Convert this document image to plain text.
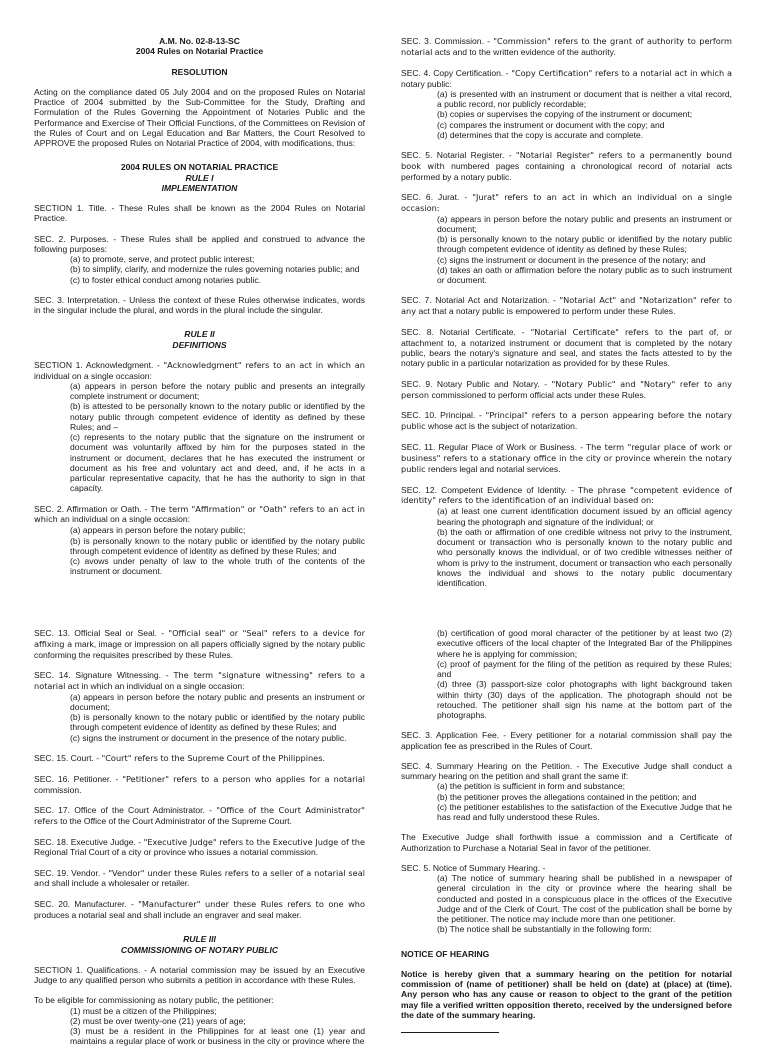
A.M. No. 02-8-13-SC

2004 Rules on Notarial Practice

RESOLUTION

Acting on the compliance dated 05 July 2004 and on the proposed Rules on Notarial Practice of 2004 submitted by the Sub-Committee for the Study, Drafting and Formulation of the Rules Governing the Appointment of Notaries Public and the Performance and Exercise of Their Official Functions, of the Committees on Revision of the Rules of Court and on Legal Education and Bar Matters, the Court Resolved to APPROVE the proposed Rules on Notarial Practice of 2004, with modifications, thus:

2004 RULES ON NOTARIAL PRACTICE

RULE I

IMPLEMENTATION

SECTION 1. Title. - These Rules shall be known as the 2004 Rules on Notarial Practice.

SEC. 2. Purposes. - These Rules shall be applied and construed to advance the following purposes:

(a) to promote, serve, and protect public interest;
(b) to simplify, clarify, and modernize the rules governing notaries public; and
(c) to foster ethical conduct among notaries public.

SEC. 3. Interpretation. - Unless the context of these Rules otherwise indicates, words in the singular include the plural, and words in the plural include the singular.

RULE II

DEFINITIONS

SECTION 1. Acknowledgment. - "Acknowledgment" refers to an act in which an individual on a single occasion:

(a) appears in person before the notary public and presents an integrally complete instrument or document;
(b) is attested to be personally known to the notary public or identified by the notary public through competent evidence of identity as defined by these Rules; and –
(c) represents to the notary public that the signature on the instrument or document was voluntarily affixed by him for the purposes stated in the instrument or document, declares that he has executed the instrument or document as his free and voluntary act and deed, and, if he acts in a particular representative capacity, that he has the authority to sign in that capacity.

SEC. 2. Affirmation or Oath. - The term "Affirmation" or "Oath" refers to an act in which an individual on a single occasion:

(a) appears in person before the notary public;
(b) is personally known to the notary public or identified by the notary public through competent evidence of identity as defined by these Rules; and
(c) avows under penalty of law to the whole truth of the contents of the instrument or document.

SEC. 3. Commission. - "Commission" refers to the grant of authority to perform notarial acts and to the written evidence of the authority.

SEC. 4. Copy Certification. - "Copy Certification" refers to a notarial act in which a notary public:

(a) is presented with an instrument or document that is neither a vital record, a public record, nor publicly recordable;
(b) copies or supervises the copying of the instrument or document;
(c) compares the instrument or document with the copy; and
(d) determines that the copy is accurate and complete.

SEC. 5. Notarial Register. - "Notarial Register" refers to a permanently bound book with numbered pages containing a chronological record of notarial acts performed by a notary public.

SEC. 6. Jurat. - "Jurat" refers to an act in which an individual on a single occasion:

(a) appears in person before the notary public and presents an instrument or document;
(b) is personally known to the notary public or identified by the notary public through competent evidence of identity as defined by these Rules;
(c) signs the instrument or document in the presence of the notary; and
(d) takes an oath or affirmation before the notary public as to such instrument or document.

SEC. 7. Notarial Act and Notarization. - "Notarial Act" and "Notarization" refer to any act that a notary public is empowered to perform under these Rules.

SEC. 8. Notarial Certificate. - "Notarial Certificate" refers to the part of, or attachment to, a notarized instrument or document that is completed by the notary public, bears the notary's signature and seal, and states the facts attested to by the notary public in a particular notarization as provided for by these Rules.

SEC. 9. Notary Public and Notary. - "Notary Public" and "Notary" refer to any person commissioned to perform official acts under these Rules.

SEC. 10. Principal. - "Principal" refers to a person appearing before the notary public whose act is the subject of notarization.

SEC. 11. Regular Place of Work or Business. - The term "regular place of work or business" refers to a stationary office in the city or province wherein the notary public renders legal and notarial services.

SEC. 12. Competent Evidence of Identity. - The phrase "competent evidence of identity" refers to the identification of an individual based on:

(a) at least one current identification document issued by an official agency bearing the photograph and signature of the individual; or
(b) the oath or affirmation of one credible witness not privy to the instrument, document or transaction who is personally known to the notary public and who personally knows the individual, or of two credible witnesses neither of whom is privy to the instrument, document or transaction who each personally knows the individual and shows to the notary public documentary identification.

SEC. 13. Official Seal or Seal. - "Official seal" or "Seal" refers to a device for affixing a mark, image or impression on all papers officially signed by the notary public conforming the requisites prescribed by these Rules.

SEC. 14. Signature Witnessing. - The term "signature witnessing" refers to a notarial act in which an individual on a single occasion:

(a) appears in person before the notary public and presents an instrument or document;
(b) is personally known to the notary public or identified by the notary public through competent evidence of identity as defined by these Rules; and
(c) signs the instrument or document in the presence of the notary public.

SEC. 15. Court. - "Court" refers to the Supreme Court of the Philippines.

SEC. 16. Petitioner. - "Petitioner" refers to a person who applies for a notarial commission.

SEC. 17. Office of the Court Administrator. - "Office of the Court Administrator" refers to the Office of the Court Administrator of the Supreme Court.

SEC. 18. Executive Judge. - "Executive Judge" refers to the Executive Judge of the Regional Trial Court of a city or province who issues a notarial commission.

SEC. 19. Vendor. - "Vendor" under these Rules refers to a seller of a notarial seal and shall include a wholesaler or retailer.

SEC. 20. Manufacturer. - "Manufacturer" under these Rules refers to one who produces a notarial seal and shall include an engraver and seal maker.

RULE III

COMMISSIONING OF NOTARY PUBLIC

SECTION 1. Qualifications. - A notarial commission may be issued by an Executive Judge to any qualified person who submits a petition in accordance with these Rules.

To be eligible for commissioning as notary public, the petitioner:

(1) must be a citizen of the Philippines;
(2) must be over twenty-one (21) years of age;
(3) must be a resident in the Philippines for at least one (1) year and maintains a regular place of work or business in the city or province where the
(b) certification of good moral character of the petitioner by at least two (2) executive officers of the local chapter of the Integrated Bar of the Philippines where he is applying for commission;
(c) proof of payment for the filing of the petition as required by these Rules; and
(d) three (3) passport-size color photographs with light background taken within thirty (30) days of the application. The photograph should not be retouched. The petitioner shall sign his name at the bottom part of the photographs.

SEC. 3. Application Fee. - Every petitioner for a notarial commission shall pay the application fee as prescribed in the Rules of Court.

SEC. 4. Summary Hearing on the Petition. - The Executive Judge shall conduct a summary hearing on the petition and shall grant the same if:

(a) the petition is sufficient in form and substance;
(b) the petitioner proves the allegations contained in the petition; and
(c) the petitioner establishes to the satisfaction of the Executive Judge that he has read and fully understood these Rules.

The Executive Judge shall forthwith issue a commission and a Certificate of Authorization to Purchase a Notarial Seal in favor of the petitioner.

SEC. 5. Notice of Summary Hearing. -

(a) The notice of summary hearing shall be published in a newspaper of general circulation in the city or province where the hearing shall be conducted and posted in a conspicuous place in the offices of the Executive Judge and of the Clerk of Court. The cost of the publication shall be borne by the petitioner. The notice may include more than one petitioner.
(b) The notice shall be substantially in the following form:

NOTICE OF HEARING

Notice is hereby given that a summary hearing on the petition for notarial commission of (name of petitioner) shall be held on (date) at (place) at (time). Any person who has any cause or reason to object to the grant of the petition may file a verified written opposition thereto, received by the undersigned before the date of the summary hearing.
